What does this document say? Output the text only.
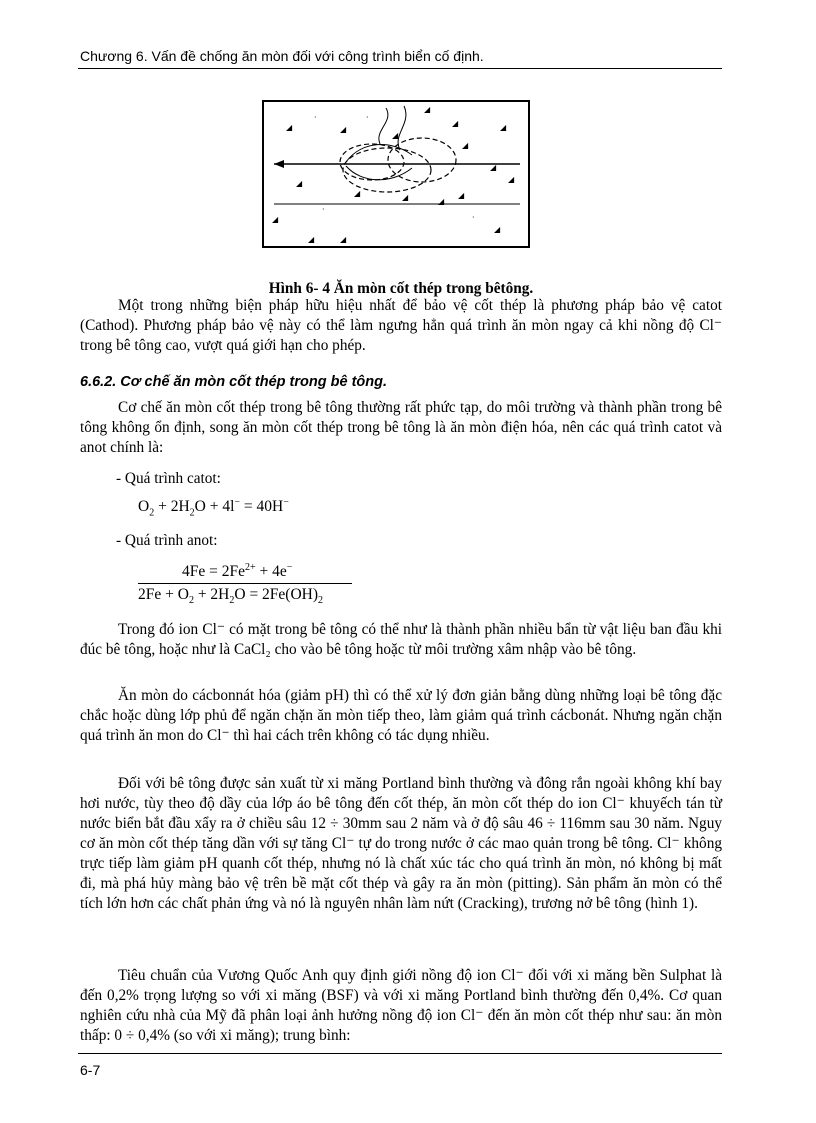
Chương 6. Vấn đề chống ăn mòn đối với công trình biển cố định.
◢	◢
◢
◢	◢
◢
◢
◢
◢
◢
◢	◢	◢
◢
◢
◢	◢
◢
·	·
·
·
Hình 6- 4 Ăn mòn cốt thép trong bêtông.

Một trong những biện pháp hữu hiệu nhất để bảo vệ cốt thép là phương pháp bảo vệ catot (Cathod). Phương pháp bảo vệ này có thể làm ngưng hẳn quá trình ăn mòn ngay cả khi nồng độ Cl⁻ trong bê tông cao, vượt quá giới hạn cho phép.

6.6.2. Cơ chế ăn mòn cốt thép trong bê tông.

Cơ chế ăn mòn cốt thép trong bê tông thường rất phức tạp, do môi trường và thành phần trong bê tông không ổn định, song ăn mòn cốt thép trong bê tông là ăn mòn điện hóa, nên các quá trình catot và anot chính là:

- Quá trình catot:
$O_2 + 2H_2O + 4l^- = 40H^-$
- Quá trình anot:
$4Fe = 2Fe^{2+} + 4e^-$
$2Fe + O_2 + 2H_2O = 2Fe(OH)_2$

Trong đó ion Cl⁻ có mặt trong bê tông có thể như là thành phần nhiều bẩn từ vật liệu ban đầu khi đúc bê tông, hoặc như là CaCl₂ cho vào bê tông hoặc từ môi trường xâm nhập vào bê tông.

Ăn mòn do cácbonnát hóa (giảm pH) thì có thể xử lý đơn giản bằng dùng những loại bê tông đặc chắc hoặc dùng lớp phủ để ngăn chặn ăn mòn tiếp theo, làm giảm quá trình cácbonát. Nhưng ngăn chặn quá trình ăn mon do Cl⁻ thì hai cách trên không có tác dụng nhiều.

Đối với bê tông được sản xuất từ xi măng Portland bình thường và đông rắn ngoài không khí bay hơi nước, tùy theo độ dầy của lớp áo bê tông đến cốt thép, ăn mòn cốt thép do ion Cl⁻ khuyếch tán từ nước biển bắt đầu xẩy ra ở chiều sâu 12 ÷ 30mm sau 2 năm và ở độ sâu 46 ÷ 116mm sau 30 năm. Nguy cơ ăn mòn cốt thép tăng dần với sự tăng Cl⁻ tự do trong nước ở các mao quản trong bê tông. Cl⁻ không trực tiếp làm giảm pH quanh cốt thép, nhưng nó là chất xúc tác cho quá trình ăn mòn, nó không bị mất đi, mà phá hủy màng bảo vệ trên bề mặt cốt thép và gây ra ăn mòn (pitting). Sản phẩm ăn mòn có thể tích lớn hơn các chất phản ứng và nó là nguyên nhân làm nứt (Cracking), trương nở bê tông (hình 1).

Tiêu chuẩn của Vương Quốc Anh quy định giới nồng độ ion Cl⁻ đối với xi măng bền Sulphat là đến 0,2% trọng lượng so với xi măng (BSF) và với xi măng Portland bình thường đến 0,4%. Cơ quan nghiên cứu nhà của Mỹ đã phân loại ảnh hưởng nồng độ ion Cl⁻ đến ăn mòn cốt thép như sau: ăn mòn thấp: 0 ÷ 0,4% (so với xi măng); trung bình:

6-7
